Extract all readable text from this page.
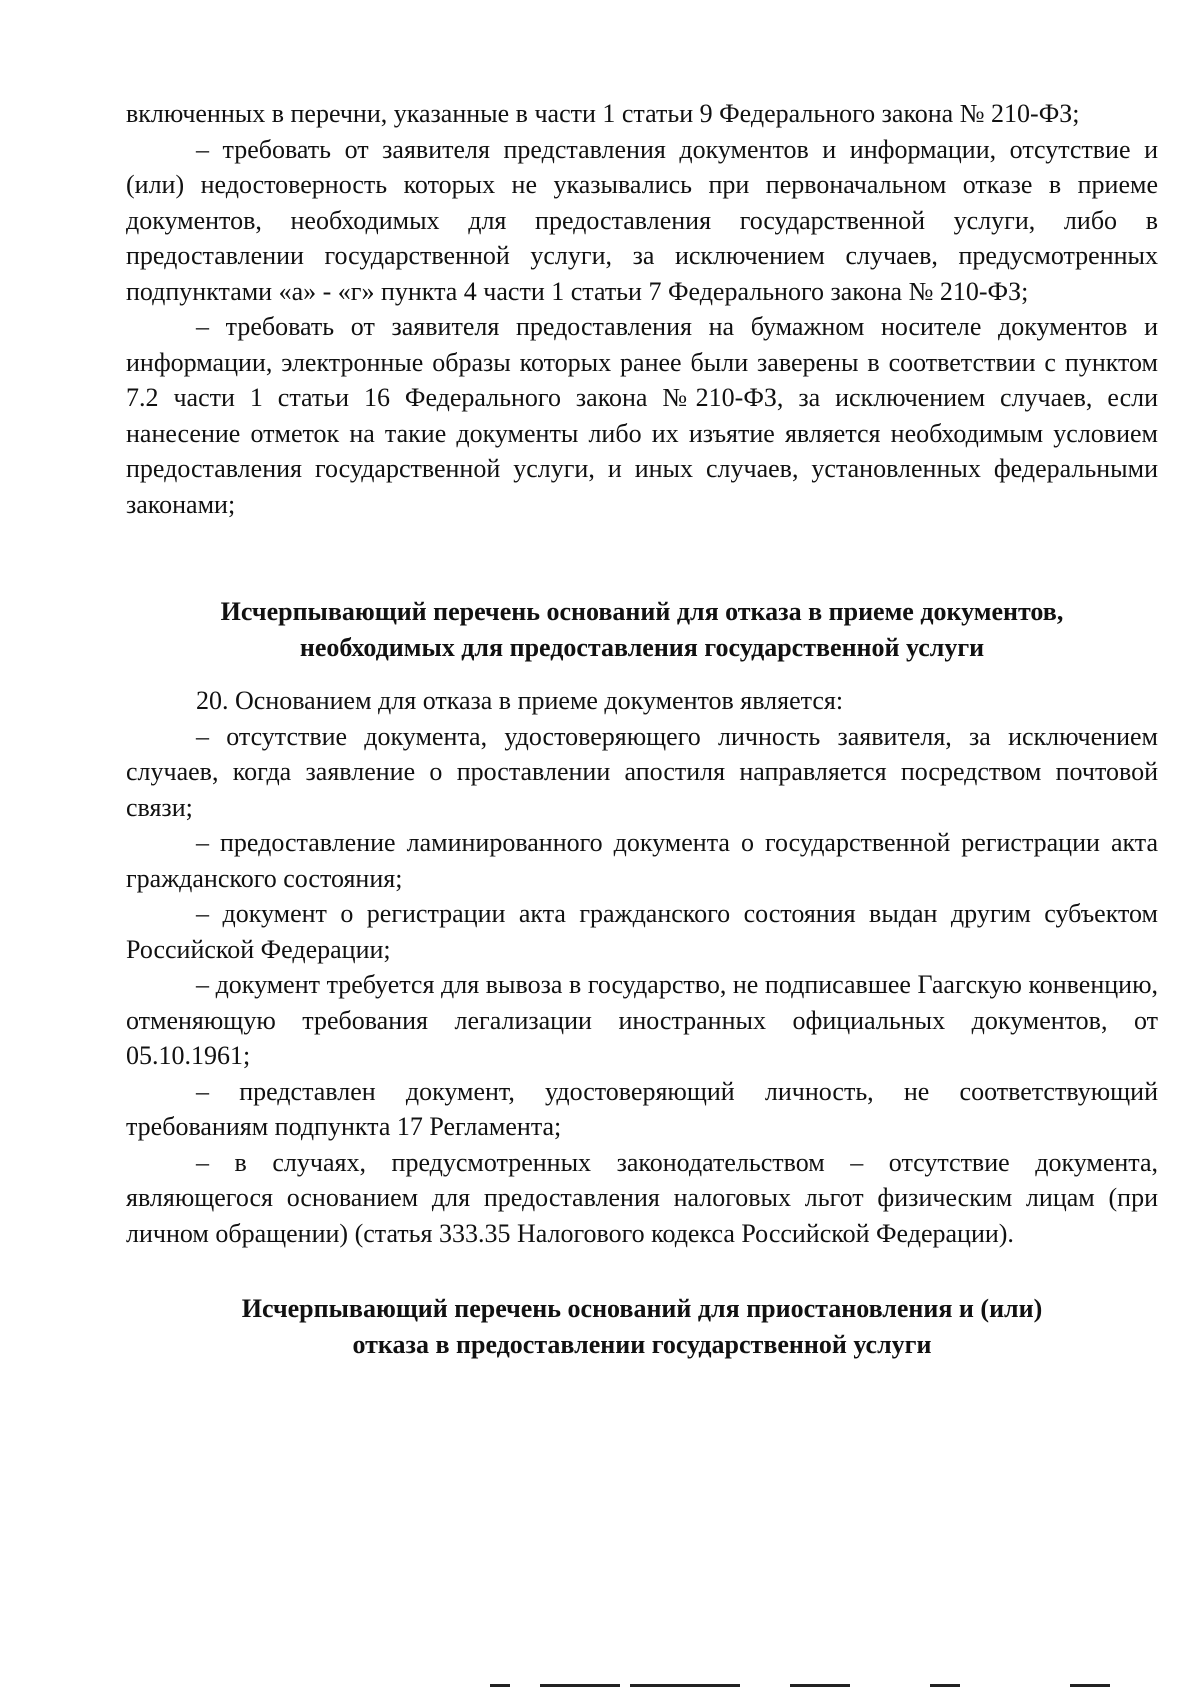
включенных в перечни, указанные в части 1 статьи 9 Федерального закона № 210-ФЗ;

– требовать от заявителя представления документов и информации, отсутствие и (или) недостоверность которых не указывались при первоначальном отказе в приеме документов, необходимых для предоставления государственной услуги, либо в предоставлении государственной услуги, за исключением случаев, предусмотренных подпунктами «а» - «г» пункта 4 части 1 статьи 7 Федерального закона № 210-ФЗ;

– требовать от заявителя предоставления на бумажном носителе документов и информации, электронные образы которых ранее были заверены в соответствии с пунктом 7.2 части 1 статьи 16 Федерального закона №210-ФЗ, за исключением случаев, если нанесение отметок на такие документы либо их изъятие является необходимым условием предоставления государственной услуги, и иных случаев, установленных федеральными законами;

Исчерпывающий перечень оснований для отказа в приеме документов,
необходимых для предоставления государственной услуги

20. Основанием для отказа в приеме документов является:

– отсутствие документа, удостоверяющего личность заявителя, за исключением случаев, когда заявление о проставлении апостиля направляется посредством почтовой связи;

– предоставление ламинированного документа о государственной регистрации акта гражданского состояния;

– документ о регистрации акта гражданского состояния выдан другим субъектом Российской Федерации;

– документ требуется для вывоза в государство, не подписавшее Гаагскую конвенцию, отменяющую требования легализации иностранных официальных документов, от 05.10.1961;

– представлен документ, удостоверяющий личность, не соответствующий требованиям подпункта 17 Регламента;

– в случаях, предусмотренных законодательством – отсутствие документа, являющегося основанием для предоставления налоговых льгот физическим лицам (при личном обращении) (статья 333.35 Налогового кодекса Российской Федерации).

Исчерпывающий перечень оснований для приостановления и (или)
отказа в предоставлении государственной услуги
